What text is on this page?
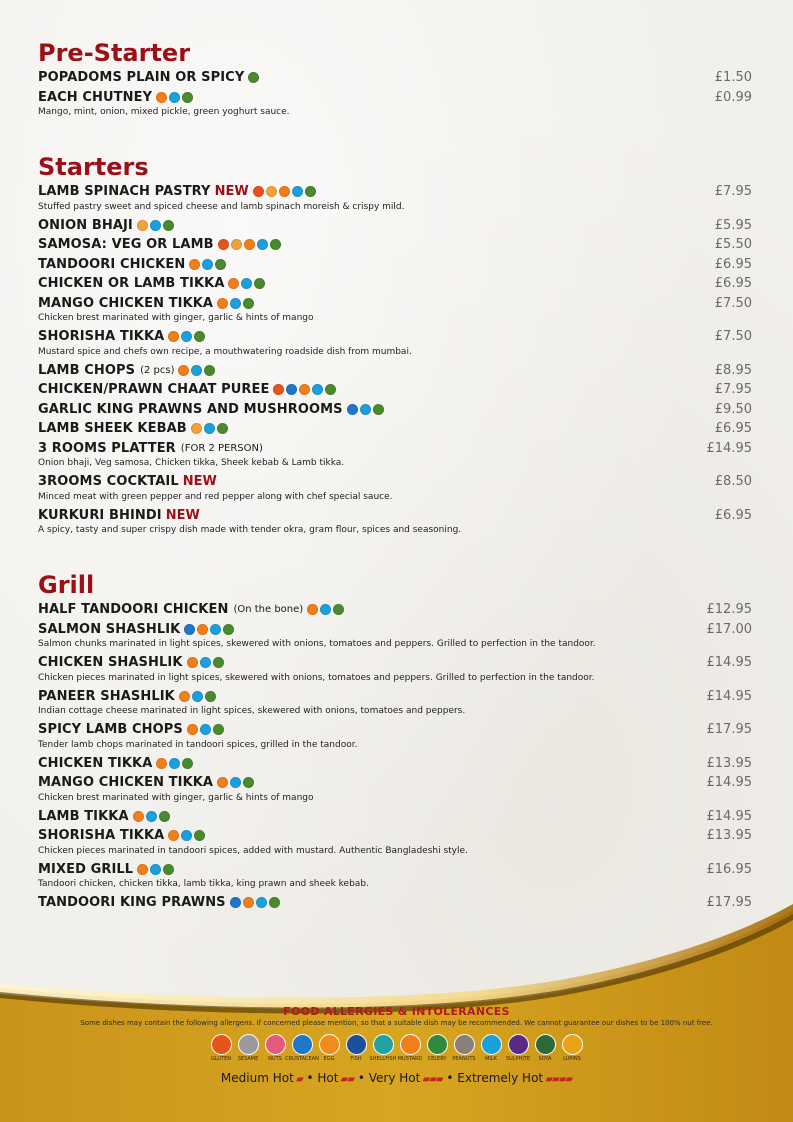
Pre-Starter
POPADOMS PLAIN OR SPICY	£1.50
EACH CHUTNEY	£0.99
Mango, mint, onion, mixed pickle, green yoghurt sauce.
Starters
LAMB SPINACH PASTRY NEW	£7.95
Stuffed pastry sweet and spiced cheese and lamb spinach moreish & crispy mild.
ONION BHAJI	£5.95
SAMOSA: VEG OR LAMB	£5.50
TANDOORI CHICKEN	£6.95
CHICKEN OR LAMB TIKKA	£6.95
MANGO CHICKEN TIKKA	£7.50
Chicken brest marinated with ginger, garlic & hints of mango
SHORISHA TIKKA	£7.50
Mustard spice and chefs own recipe, a mouthwatering roadside dish from mumbai.
LAMB CHOPS (2 pcs)	£8.95
CHICKEN/PRAWN CHAAT PUREE	£7.95
GARLIC KING PRAWNS AND MUSHROOMS	£9.50
LAMB SHEEK KEBAB	£6.95
3 ROOMS PLATTER (FOR 2 PERSON)	£14.95
Onion bhaji, Veg samosa, Chicken tikka, Sheek kebab & Lamb tikka.
3ROOMS COCKTAIL NEW	£8.50
Minced meat with green pepper and red pepper along with chef special sauce.
KURKURI BHINDI NEW	£6.95
A spicy, tasty and super crispy dish made with tender okra, gram flour, spices and seasoning.
Grill
HALF TANDOORI CHICKEN (On the bone)	£12.95
SALMON SHASHLIK	£17.00
Salmon chunks marinated in light spices, skewered with onions, tomatoes and peppers. Grilled to perfection in the tandoor.
CHICKEN SHASHLIK	£14.95
Chicken pieces marinated in light spices, skewered with onions, tomatoes and peppers. Grilled to perfection in the tandoor.
PANEER SHASHLIK	£14.95
Indian cottage cheese marinated in light spices, skewered with onions, tomatoes and peppers.
SPICY LAMB CHOPS	£17.95
Tender lamb chops marinated in tandoori spices, grilled in the tandoor.
CHICKEN TIKKA	£13.95
MANGO CHICKEN TIKKA	£14.95
Chicken brest marinated with ginger, garlic & hints of mango
LAMB TIKKA	£14.95
SHORISHA TIKKA	£13.95
Chicken pieces marinated in tandoori spices, added with mustard. Authentic Bangladeshi style.
MIXED GRILL	£16.95
Tandoori chicken, chicken tikka, lamb tikka, king prawn and sheek kebab.
TANDOORI KING PRAWNS	£17.95
FOOD ALLERGIES & INTOLERANCES
Some dishes may contain the following allergens. If concerned please mention, so that a suitable dish may be recommended. We cannot guarantee our dishes to be 100% nut free.
GLUTEN SESAME NUTS CRUSTACEAN EGG	FISH SHELLFISH MUSTARD CELERY PEANUTS MILK SULPHITE SOYA LUPINS
Medium Hot ▰ • Hot ▰▰ • Very Hot ▰▰▰ • Extremely Hot ▰▰▰▰
